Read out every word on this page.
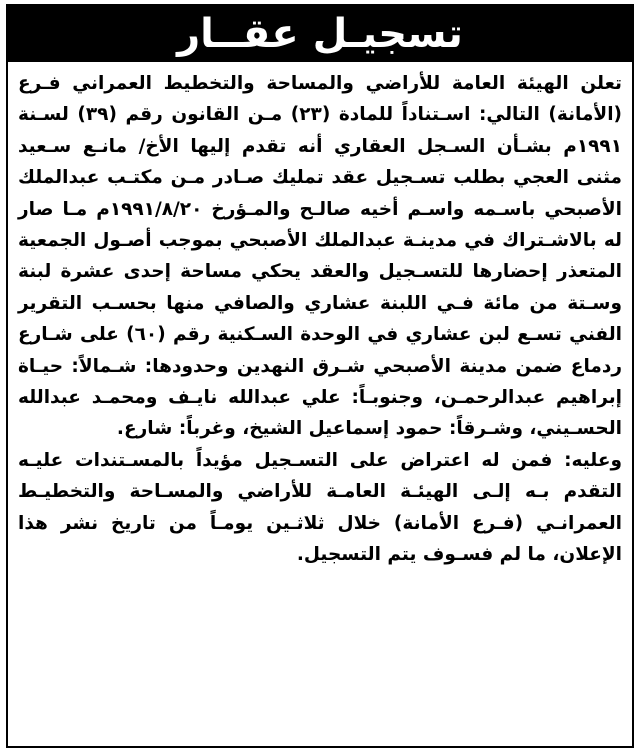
تسجيـل عقــار

تعلن الهيئة العامة للأراضي والمساحة والتخطيط العمراني فـرع (الأمانة) التالي: اسـتناداً للمادة (٢٣) مـن القانون رقم (٣٩) لسـنة ١٩٩١م بشـأن السـجل العقاري أنه تقدم إليها الأخ/ مانـع سـعيد مثنى العجي بطلب تسـجيل عقد تمليك صـادر مـن مكتـب عبدالملك الأصبحي باسـمه واسـم أخيه صالـح والمـؤرخ ١٩٩١/٨/٢٠م مـا صار له بالاشـتراك في مدينـة عبدالملك الأصبحي بموجب أصـول الجمعية المتعذر إحضارها للتسـجيل والعقد يحكي مساحة إحدى عشرة لبنة وسـتة من مائة فـي اللبنة عشاري والصافي منها بحسـب التقرير الفني تسـع لبن عشاري في الوحدة السـكنية رقم (٦٠) على شـارع ردماع ضمن مدينة الأصبحي شـرق النهدين وحدودها: شـمالاً: حيـاة إبراهيم عبدالرحمـن، وجنوبـاً: علي عبدالله نايـف ومحمـد عبدالله الحسـيني، وشـرقاً: حمود إسماعيل الشيخ، وغرباً: شارع.

وعليه: فمن له اعتراض على التسـجيل مؤيداً بالمسـتندات عليـه التقدم بـه إلـى الهيئـة العامـة للأراضي والمسـاحة والتخطيـط العمرانـي (فـرع الأمانة) خلال ثلاثـين يومـاً من تاريخ نشر هذا الإعلان، ما لم فسـوف يتم التسجيل.
